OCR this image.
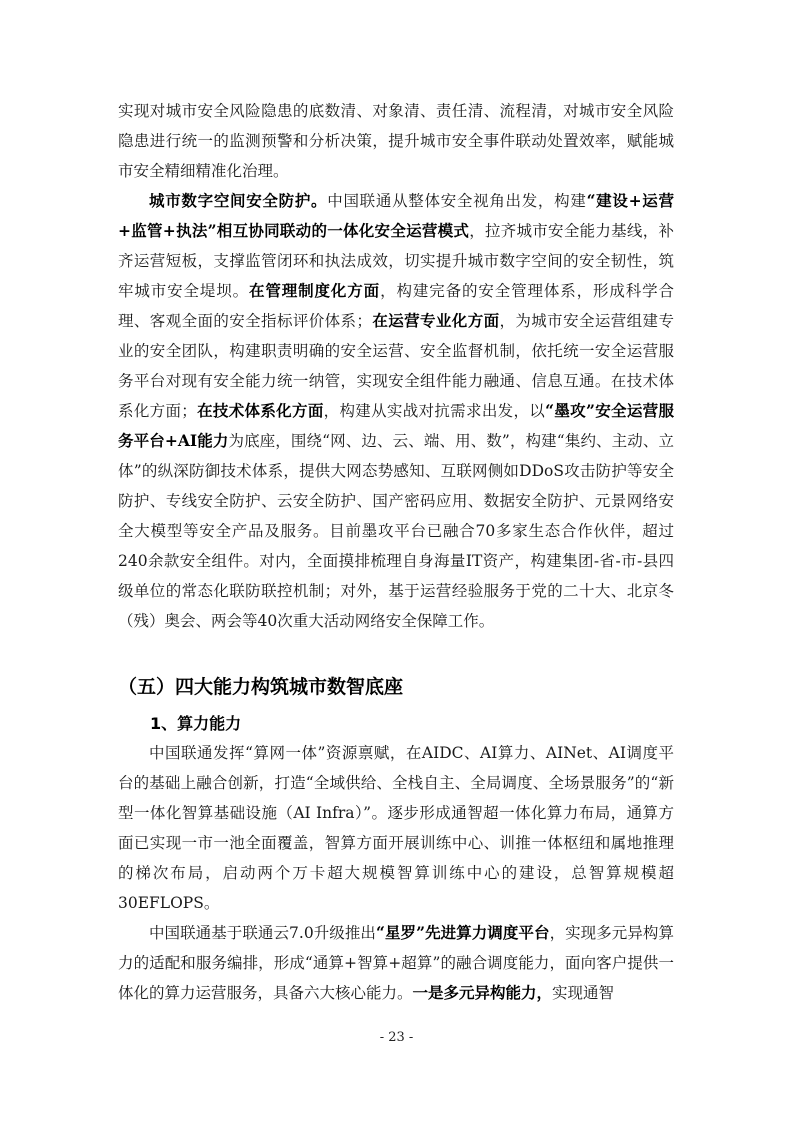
实现对城市安全风险隐患的底数清、对象清、责任清、流程清，对城市安全风险隐患进行统一的监测预警和分析决策，提升城市安全事件联动处置效率，赋能城市安全精细精准化治理。

城市数字空间安全防护。中国联通从整体安全视角出发，构建“建设+运营+监管+执法”相互协同联动的一体化安全运营模式，拉齐城市安全能力基线，补齐运营短板，支撑监管闭环和执法成效，切实提升城市数字空间的安全韧性，筑牢城市安全堤坝。在管理制度化方面，构建完备的安全管理体系，形成科学合理、客观全面的安全指标评价体系；在运营专业化方面，为城市安全运营组建专业的安全团队，构建职责明确的安全运营、安全监督机制，依托统一安全运营服务平台对现有安全能力统一纳管，实现安全组件能力融通、信息互通。在技术体系化方面；在技术体系化方面，构建从实战对抗需求出发，以“墨攻”安全运营服务平台+AI能力为底座，围绕“网、边、云、端、用、数”，构建“集约、主动、立体”的纵深防御技术体系，提供大网态势感知、互联网侧如DDoS攻击防护等安全防护、专线安全防护、云安全防护、国产密码应用、数据安全防护、元景网络安全大模型等安全产品及服务。目前墨攻平台已融合70多家生态合作伙伴，超过240余款安全组件。对内，全面摸排梳理自身海量IT资产，构建集团-省-市-县四级单位的常态化联防联控机制；对外，基于运营经验服务于党的二十大、北京冬（残）奥会、两会等40次重大活动网络安全保障工作。

（五）四大能力构筑城市数智底座
1、算力能力

中国联通发挥“算网一体”资源禀赋，在AIDC、AI算力、AINet、AI调度平台的基础上融合创新，打造“全域供给、全栈自主、全局调度、全场景服务”的“新型一体化智算基础设施（AI Infra）”。逐步形成通智超一体化算力布局，通算方面已实现一市一池全面覆盖，智算方面开展训练中心、训推一体枢纽和属地推理的梯次布局，启动两个万卡超大规模智算训练中心的建设，总智算规模超30EFLOPS。

中国联通基于联通云7.0升级推出“星罗”先进算力调度平台，实现多元异构算力的适配和服务编排，形成“通算+智算+超算”的融合调度能力，面向客户提供一体化的算力运营服务，具备六大核心能力。一是多元异构能力，实现通智

- 23 -
